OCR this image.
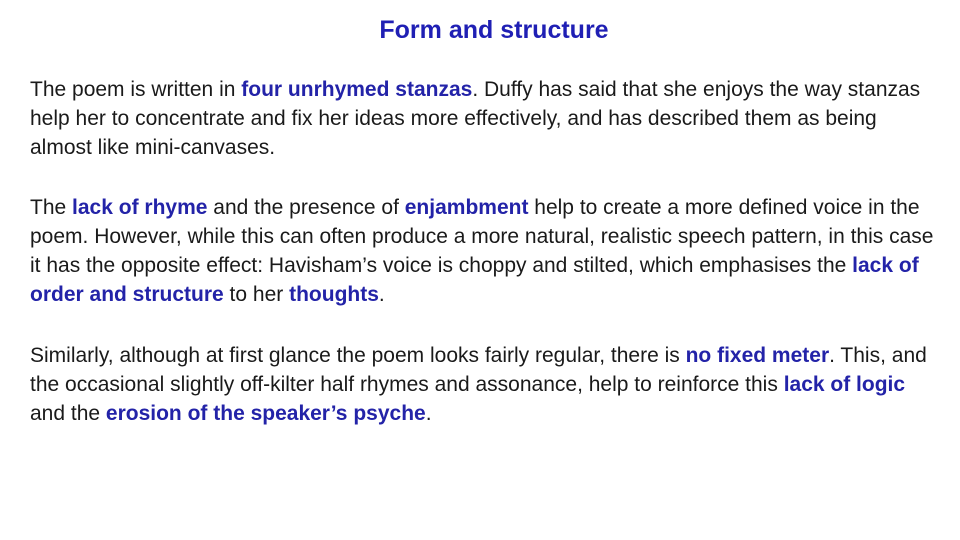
Form and structure

The poem is written in four unrhymed stanzas. Duffy has said that she enjoys the way stanzas help her to concentrate and fix her ideas more effectively, and has described them as being almost like mini-canvases.

The lack of rhyme and the presence of enjambment help to create a more defined voice in the poem. However, while this can often produce a more natural, realistic speech pattern, in this case it has the opposite effect: Havisham’s voice is choppy and stilted, which emphasises the lack of order and structure to her thoughts.

Similarly, although at first glance the poem looks fairly regular, there is no fixed meter. This, and the occasional slightly off-kilter half rhymes and assonance, help to reinforce this lack of logic and the erosion of the speaker’s psyche.
